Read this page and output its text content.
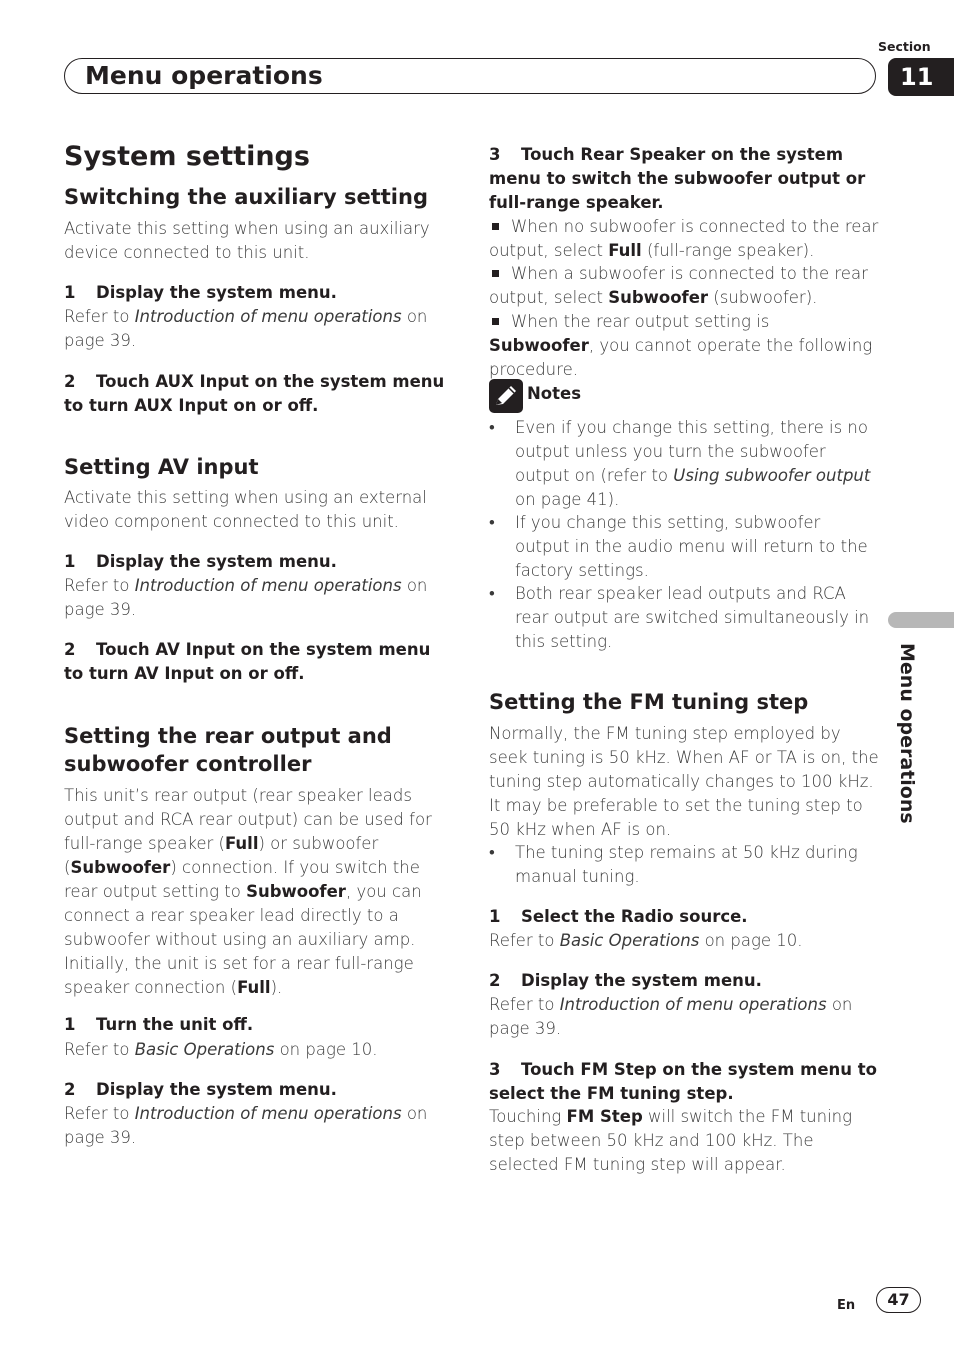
Section
11
Menu operations
Menu operations
System settings
Switching the auxiliary setting
Activate this setting when using an auxiliary device connected to this unit.
1 Display the system menu.
Refer to Introduction of menu operations on page 39.
2 Touch AUX Input on the system menu to turn AUX Input on or off.
Setting AV input
Activate this setting when using an external video component connected to this unit.
1 Display the system menu.
Refer to Introduction of menu operations on page 39.
2 Touch AV Input on the system menu to turn AV Input on or off.
Setting the rear output and
subwoofer controller
This unit’s rear output (rear speaker leads output and RCA rear output) can be used for full-range speaker (Full) or subwoofer (Subwoofer) connection. If you switch the rear output setting to Subwoofer, you can connect a rear speaker lead directly to a subwoofer without using an auxiliary amp. Initially, the unit is set for a rear full-range speaker connection (Full).
1 Turn the unit off.
Refer to Basic Operations on page 10.
2 Display the system menu.
Refer to Introduction of menu operations on page 39.
3 Touch Rear Speaker on the system menu to switch the subwoofer output or full-range speaker.
When no subwoofer is connected to the rear output, select Full (full-range speaker).
When a subwoofer is connected to the rear output, select Subwoofer (subwoofer).
When the rear output setting is Subwoofer, you cannot operate the following procedure.
Notes
• Even if you change this setting, there is no output unless you turn the subwoofer output on (refer to Using subwoofer output on page 41).
• If you change this setting, subwoofer output in the audio menu will return to the factory settings.
• Both rear speaker lead outputs and RCA rear output are switched simultaneously in this setting.
Setting the FM tuning step
Normally, the FM tuning step employed by seek tuning is 50 kHz. When AF or TA is on, the tuning step automatically changes to 100 kHz. It may be preferable to set the tuning step to 50 kHz when AF is on.
• The tuning step remains at 50 kHz during manual tuning.
1 Select the Radio source.
Refer to Basic Operations on page 10.
2 Display the system menu.
Refer to Introduction of menu operations on page 39.
3 Touch FM Step on the system menu to select the FM tuning step.
Touching FM Step will switch the FM tuning step between 50 kHz and 100 kHz. The selected FM tuning step will appear.
En	47
